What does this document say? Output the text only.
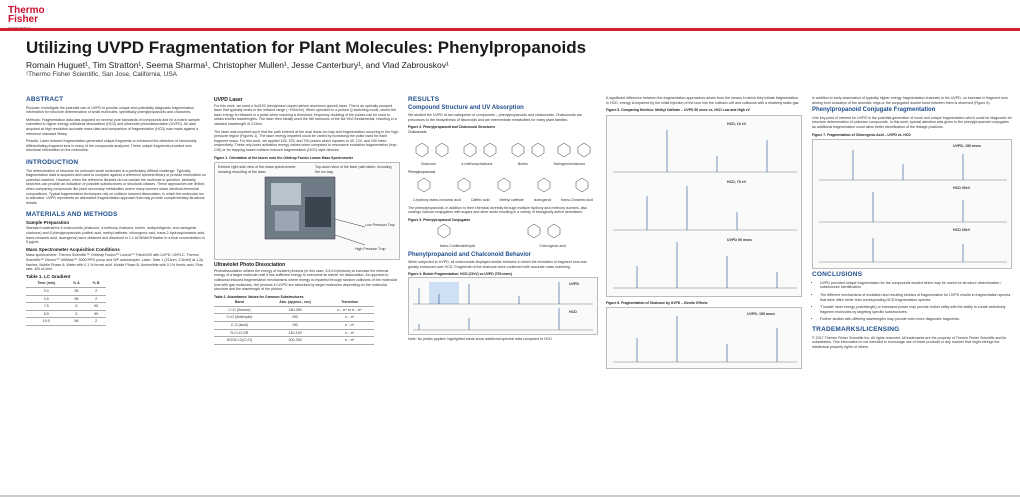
Thermo
Fisher
Utilizing UVPD Fragmentation for Plant Molecules: Phenylpropanoids
Romain Huguet¹, Tim Stratton¹, Seema Sharma¹, Christopher Mullen¹, Jesse Canterbury¹, and Vlad Zabrouskov¹
¹Thermo Fisher Scientific, San Jose, California, USA
ABSTRACT
Purpose: Investigate the potential use of UVPD to provide unique and potentially diagnostic fragmentation information for structure determination of small molecules, specifically phenylpropanoids and chalcones.
Methods: Fragmentation data was acquired on several pure standards of compounds and for a matrix sample submitted to higher-energy collisional dissociation (HCD) and ultraviolet photodissociation (UVPD). All data acquired at high resolution accurate mass data and comparison of fragmentation (HCD) was made against a reference standard library.
Results: Laser induced fragmentation generated unique fragments or enhanced the detection of structurally differentiating fragment ions in many of the compounds analyzed. These unique fragments provided new structural information on the molecules.
INTRODUCTION
The determination of structure for unknown small molecules is a particularly difficult challenge. Typically, fragmentation data is acquired and used to compare against a reference spectral library or provide information on potential matches. However, when the reference libraries do not contain the molecule in question, similarity searches can provide an indication of possible substructures or structural classes. These approaches are limited when comparing compounds like plant secondary metabolites where many isomers share identical elemental compositions. Typical fragmentation techniques rely on collision induced dissociation, in which the molecular ion is activated. UVPD represents an alternative fragmentation approach that may provide complementary structural details.
MATERIALS AND METHODS
Sample Preparation
Standard material for 6 chalconoids (chalcone, 4-methoxy chalcone, butein, isoliquiritigenin, and naringenin chalcone) and 8 phenylpropanoids (caffeic acid, methyl caffeate, chlorogenic acid, trans-2-hydroxycinnamic acid, trans-cinnamic acid, isoeugenol) were obtained and dissolved in 1:1 ACN/MeOH/water to a final concentration of 5 µg/mL.
Mass Spectrometer Acquisition Conditions
Mass spectrometer: Thermo Scientific™ Orbitrap Fusion™ Lumos™ Tribrid MS with UVPD. UHPLC: Thermo Scientific™ Dionex™ UltiMate™ 3000 RPG pump and WP autosampler. Laser: Gate 1 (213nm, 2.5mW) at 1-2µ flashes. Mobile Phase A: Water with 0.1 % formic acid. Mobile Phase B: Acetonitrile with 0.1% formic acid. Flow rate: 400 uL/min.
Table 1. LC Gradient
Time (min)	% A	% B
0.0	98	2
0.5	98	2
7.5	5	95
8.5	5	95
10.0	98	2
UVPD Laser
For this work, we used a 5ul/193 (neodymium doped yttrium aluminum garnet) laser. This is an optically pumped laser that typically emits in the infrared range (~1064nm). When operated in a pulsed Q-switching mode, where the laser energy is released in a pulse when reaching a threshold, frequency doubling of the pulses can be used to obtain shorter wavelengths. The laser then ideally used the 5th harmonic of the Nd:YAG fundamental, resulting in a radiated wavelength of 213nm.
The laser was mounted such that the path entered at the dual linear ion trap and fragmentation occurring in the high-pressure region (Figures 1). The laser energy imparted could be varied by increasing the pulse used for each fragment mass. For this work, we applied 125, 375, and 750 pulses which equates to 40, 120, and 240 msec respectively. These rely lower activation energy values when compared to resonance excitation fragmentation (trap CID) or for trapping based collision induced fragmentation (HCD) style devices.
Figure 1. Orientation of the lasers onto the Orbitrap Fusion Lumos Mass Spectrometer
Exterior right side view of the mass spectrometer showing mounting of the laser.
Top-down view of the laser path taken, including the ion trap.
Low Pression Trap
High Pression Trap
Ultraviolet Photo Dissociation
Photodissociation utilizes the energy of incident photons (in this case, 5.8 eV/photons) to increase the internal energy of a target molecule until it has sufficient energy to overcome its barrier for dissociation. As opposed to collisional induced fragmentation mechanisms where energy is imparted through random collisions of the molecular ions with gas molecules, the photons in UVPD are absorbed by target molecules depending on the molecular structure and the wavelength of the photon.
Table 2. Absorbance Values for Common Substructures
Band	Abs. (approx., nm)	Transition
C=O (Ketone)	180-280	n→π* or π→π*
C=O (Aldehyde)	290	n→π*
C-O (Acid)	152	n→σ*
R-C=O-OR	140-190	n→π*
HOOC=C(C=O)	300-330	n→π*
RESULTS
Compound Structure and UV Absorption
We studied the UVPD of two categories of compounds – phenylpropanoids and chalconoids. Chalconoids are precursors to the biosynthesis of flavonoids and are intermediate metabolites for many plant families.
Figure 2. Phenylpropanoid and Chalconoid Structures
Chalconoids
Chalcone	4-methoxychalcone	Butein	Naringeninchalcone
Phenylpropanoids
2-hydroxy-trans-cinnamic acid	Caffeic acid	Methyl caffeate	Isoeugenol	trans-Cinnamic acid
The phenylpropanoids, in addition to their chemical diversity through multiple hydroxy and methoxy isomers, also undergo various conjugation with sugars and other acids resulting in a variety of biologically active derivatives.
Figure 3. Phenylpropanoid Conjugates
trans-Coniferaldehyde	Chlorogenic acid
Phenylpropanoid and Chalconoid Behavior
When subjected to UVPD, all chalconoids displayed similar behavior in which the formation of fragment ions was greatly enhanced over HCD. Fragments of the chalcone were confirmed with accurate mass matching.
Figure 4. Butein Fragmentation: HCD (37eV) vs UVPD (750 msec)
UVPD
HCD
Note: No peaks applied; highlighted areas show additional spectral data compared to HCD
A significant difference between the fragmentation approaches arises from the means in which they initiate fragmentation. In HCD, energy is imparted by the initial injection of the ions into the collision cell and collisions with a relatively static gas.
Figure 5. Comparing Kinetics: Methyl Caffeate – UVPD 50 msec vs. HCD Low and High eV
HCD, 10 eV
HCD, 75 eV
UVPD 50 msec
Figure 6. Fragmentation of Chalcone by UVPD – Kinetic Effects
UVPD, 150 msec
In addition to early observation of typically higher energy fragmentation channels in the UVPD, on increase in fragment ions arising from ionization of the aromatic rings or the conjugated double bond between them is observed (Figure 6).
Phenylpropanoid Conjugate Fragmentation
One key point of interest for UVPD is the potential generation of novel and unique fragmentation which could be diagnostic for structure determination of unknown compounds. In this work, special attention was given to the phenylpropanoid conjugates as additional fragmentation could allow better identification of the linkage positions.
Figure 7. Fragmentation of Chlorogenic Acid – UVPD vs. HCD
UVPD, 150 msec
HCD 30eV
HCD 25eV
CONCLUSIONS
• UVPD provided unique fragmentation for the compounds studied which may be useful for structure determination / substructure identification.
• The different mechanisms of excitation and resulting kinetics of fragmentation for UVPD results in fragmentation spectra that were often richer than corresponding HCD fragmentation spectra.
• 'Tunable' laser energy (wavelength) or increased power may provide further utility with the ability to create selectively fragment molecules by targeting specific substructures.
• Further studies with differing wavelengths may provide even more diagnostic fragments.
TRADEMARKS/LICENSING
© 2017 Thermo Fisher Scientific Inc. All rights reserved. All trademarks are the property of Thermo Fisher Scientific and its subsidiaries. This information is not intended to encourage use of these products in any manner that might infringe the intellectual property rights of others.
